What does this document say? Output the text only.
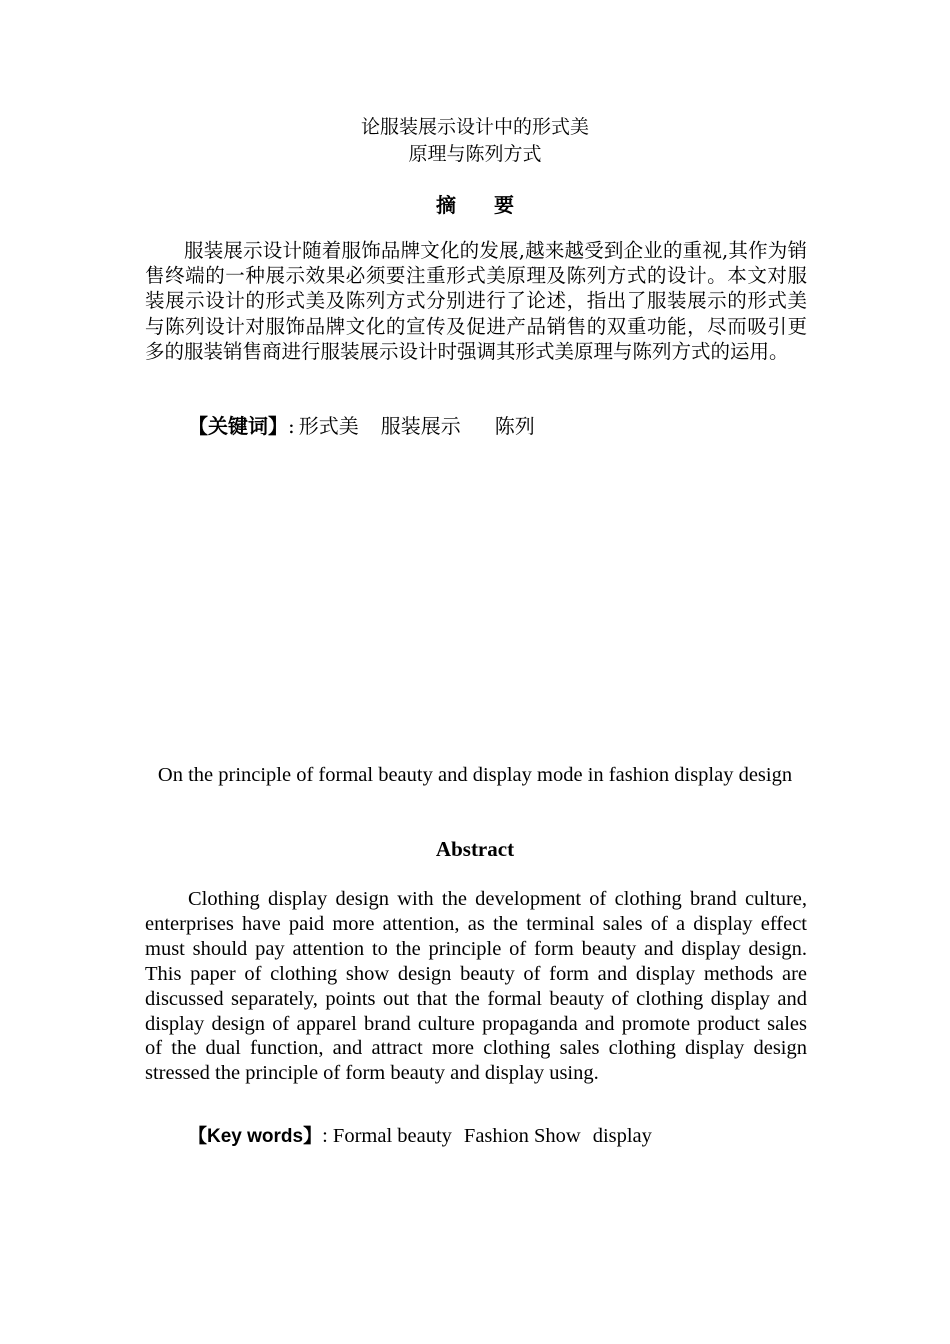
论服装展示设计中的形式美
原理与陈列方式
摘 要
服装展示设计随着服饰品牌文化的发展,越来越受到企业的重视,其作为销售终端的一种展示效果必须要注重形式美原理及陈列方式的设计。本文对服装展示设计的形式美及陈列方式分别进行了论述，指出了服装展示的形式美与陈列设计对服饰品牌文化的宣传及促进产品销售的双重功能，尽而吸引更多的服装销售商进行服装展示设计时强调其形式美原理与陈列方式的运用。
【关键词】: 形式美 服装展示 陈列
On the principle of formal beauty and display mode in fashion display design
Abstract
Clothing display design with the development of clothing brand culture, enterprises have paid more attention, as the terminal sales of a display effect must should pay attention to the principle of form beauty and display design. This paper of clothing show design beauty of form and display methods are discussed separately, points out that the formal beauty of clothing display and display design of apparel brand culture propaganda and promote product sales of the dual function, and attract more clothing sales clothing display design stressed the principle of form beauty and display using.
【Key words】: Formal beauty Fashion Show display
